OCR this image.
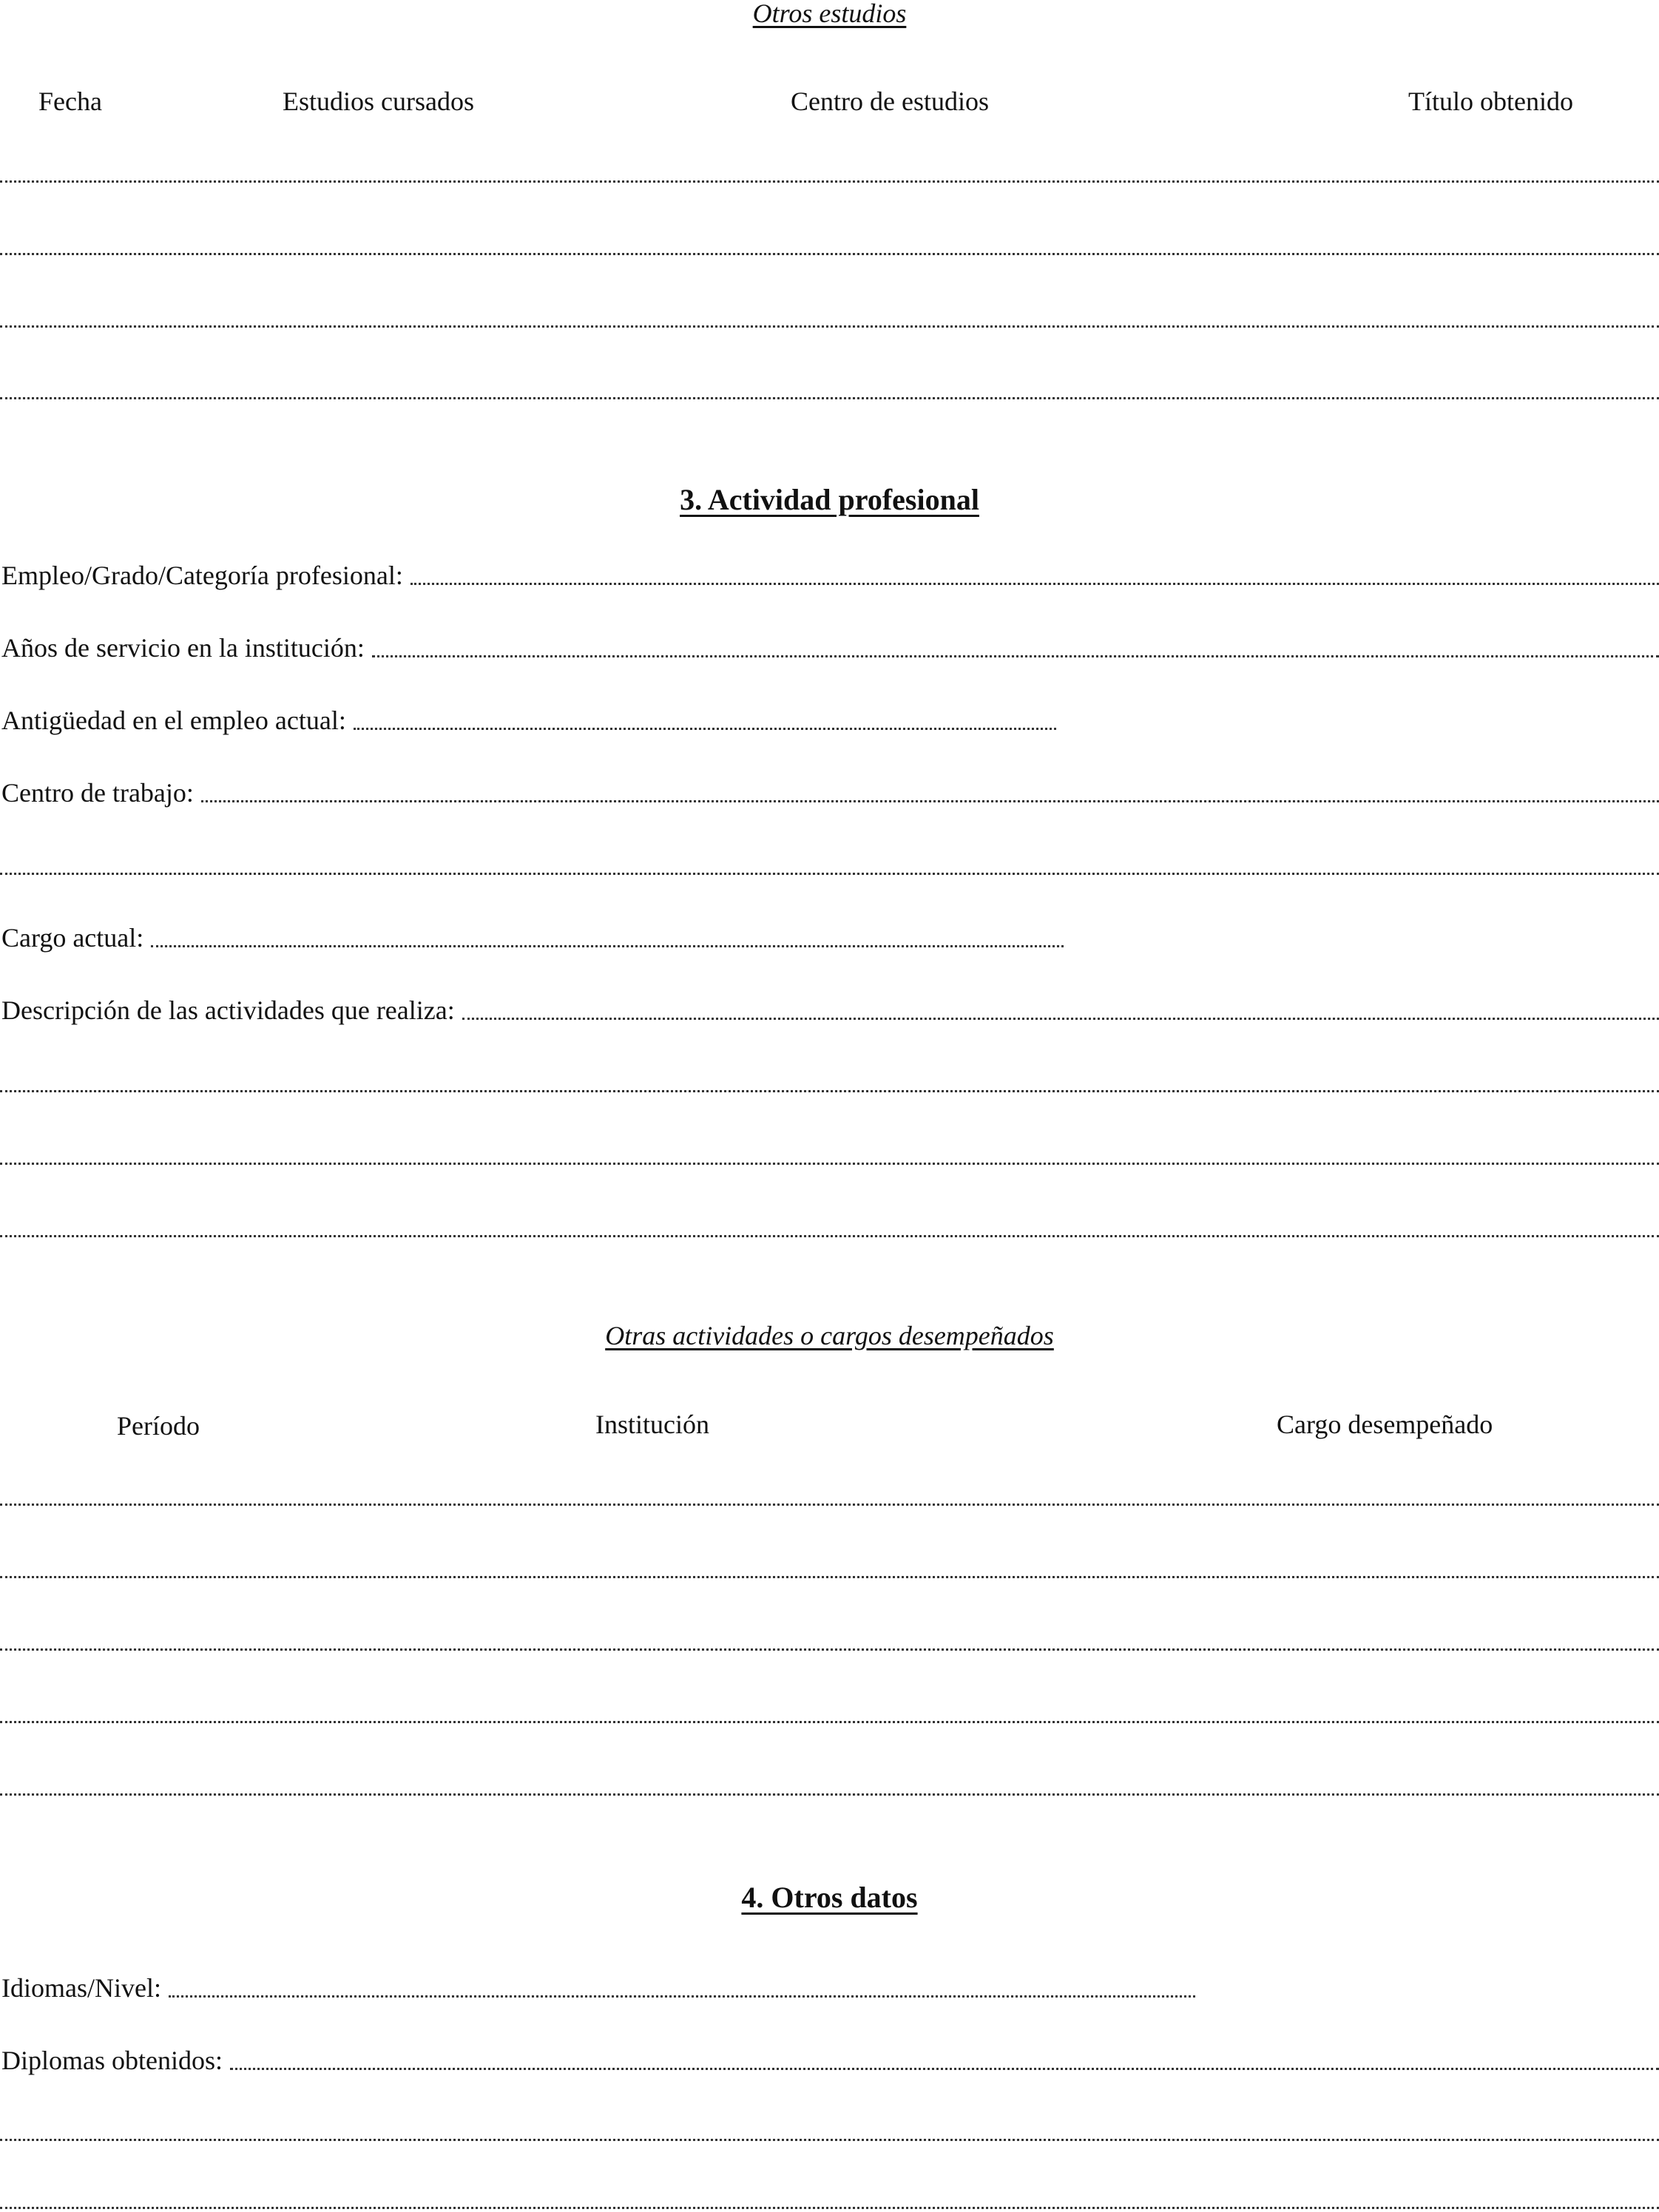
Otros estudios
Fecha	Estudios cursados	Centro de estudios	Título obtenido
3. Actividad profesional
Empleo/Grado/Categoría profesional:
Años de servicio en la institución:
Antigüedad en el empleo actual:
Centro de trabajo:
Cargo actual:
Descripción de las actividades que realiza:
Otras actividades o cargos desempeñados
Período	Institución	Cargo desempeñado
4. Otros datos
Idiomas/Nivel:
Diplomas obtenidos:
